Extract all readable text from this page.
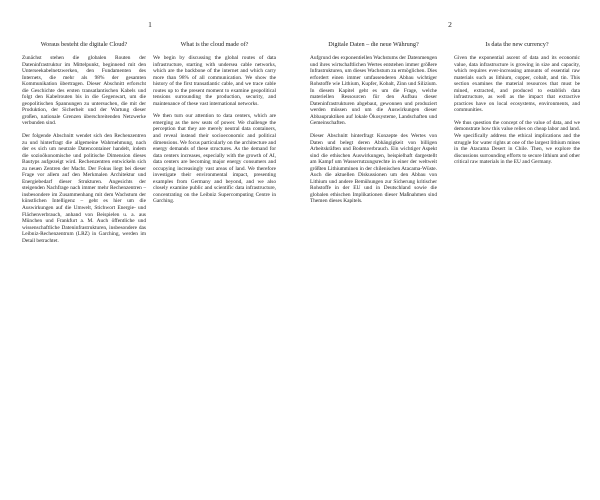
1
Woraus besteht die digitale Cloud?

Zunächst stehen die globalen Routen der Dateninfrastruktur im Mittelpunkt, beginnend mit den Unterseekabelnetzwerken, den Fundamenten des Internets, die mehr als 98% der gesamten Kommunikation übertragen. Dieser Abschnitt erforscht die Geschichte des ersten transatlantischen Kabels und folgt den Kabelrouten bis in die Gegenwart, um die geopolitischen Spannungen zu untersuchen, die mit der Produktion, der Sicherheit und der Wartung dieser großen, nationale Grenzen überschreitenden Netzwerke verbunden sind.

Der folgende Abschnitt wendet sich den Rechenzentren zu und hinterfragt die allgemeine Wahrnehmung, nach der es sich um neutrale Datencontainer handelt, indem die sozioökonomische und politische Dimension dieses Bautyps aufgezeigt wird. Rechenzentren entwickeln sich zu neuen Zentren der Macht. Der Fokus liegt bei dieser Frage vor allem auf den Merkmalen Architektur und Energiebedarf dieser Strukturen. Angesichts der steigenden Nachfrage nach immer mehr Rechenzentren – insbesondere im Zusammenhang mit dem Wachstum der künstlichen Intelligenz – geht es hier um die Auswirkungen auf die Umwelt, Stichwort Energie- und Flächenverbrauch, anhand von Beispielen u. a. aus München und Frankfurt a. M. Auch öffentliche und wissenschaftliche Dateninfrastrukturen, insbesondere das Leibniz-Rechenzentrum (LRZ) in Garching, werden im Detail betrachtet.

What is the cloud made of?

We begin by discussing the global routes of data infrastructure, starting with undersea cable networks, which are the backbone of the internet and which carry more than 98% of all communication. We show the history of the first transatlantic cable, and we trace cable routes up to the present moment to examine geopolitical tensions surrounding the production, security, and maintenance of these vast international networks.

We then turn our attention to data centers, which are emerging as the new seats of power. We challenge the perception that they are merely neutral data containers, and reveal instead their socioeconomic and political dimensions. We focus particularly on the architecture and energy demands of these structures. As the demand for data centers increases, especially with the growth of AI, data centers are becoming major energy consumers and occupying increasingly vast areas of land. We therefore investigate their environmental impact, presenting examples from Germany and beyond, and we also closely examine public and scientific data infrastructure, concentrating on the Leibniz Supercomputing Centre in Garching.

2
Digitale Daten – die neue Währung?

Aufgrund des exponentiellen Wachstums der Datenmengen und ihres wirtschaftlichen Wertes entstehen immer größere Infrastrukturen, um dieses Wachstum zu ermöglichen. Dies erfordert einen immer umfassenderen Abbau wichtiger Rohstoffe wie Lithium, Kupfer, Kobalt, Zinn und Silizium. In diesem Kapitel geht es um die Frage, welche materiellen Ressourcen für den Aufbau dieser Dateninfrastrukturen abgebaut, gewonnen und produziert werden müssen und um die Auswirkungen dieser Abbaupraktiken auf lokale Ökosysteme, Landschaften und Gemeinschaften.

Dieser Abschnitt hinterfragt Konzepte des Wertes von Daten und belegt deren Abhängigkeit von billigen Arbeitskräften und Bodenverbrauch. Ein wichtiger Aspekt sind die ethischen Auswirkungen, beispielhaft dargestellt am Kampf um Wasserrutzungsrechte in einer der weltweit größten Lithiumminen in der chilenischen Atacama-Wüste. Auch die aktuellen Diskussionen um den Abbau von Lithium und andere Bemühungen zur Sicherung kritischer Rohstoffe in der EU und in Deutschland sowie die globalen ethischen Implikationen dieser Maßnahmen sind Themen dieses Kapitels.

Is data the new currency?

Given the exponential ascent of data and its economic value, data infrastructure is growing in size and capacity, which requires ever-increasing amounts of essential raw materials such as lithium, copper, cobalt, and tin. This section examines the material resources that must be mined, extracted, and produced to establish data infrastructure, as well as the impact that extractive practices have on local ecosystems, environments, and communities.

We thus question the concept of the value of data, and we demonstrate how this value relies on cheap labor and land. We specifically address the ethical implications and the struggle for water rights at one of the largest lithium mines in the Atacama Desert in Chile. Then, we explore the discussions surrounding efforts to secure lithium and other critical raw materials in the EU and Germany.
